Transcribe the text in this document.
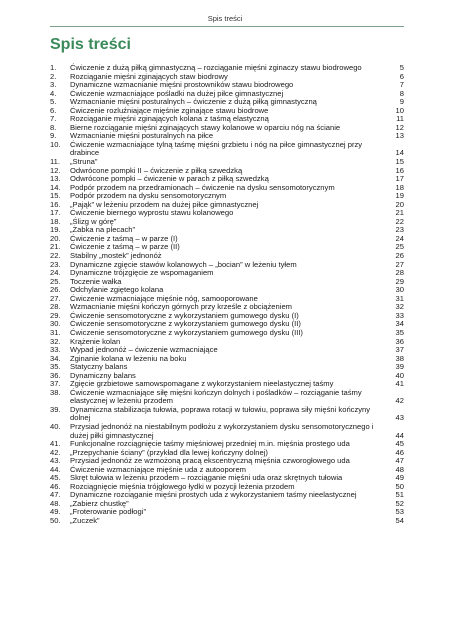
Spis treści
Spis treści
1.	Ćwiczenie z dużą piłką gimnastyczną – rozciąganie mięśni zginaczy stawu biodrowego	5
2.	Rozciąganie mięśni zginających staw biodrowy	6
3.	Dynamiczne wzmacnianie mięśni prostowników stawu biodrowego	7
4.	Ćwiczenie wzmacniające pośladki na dużej piłce gimnastycznej	8
5.	Wzmacnianie mięśni posturalnych – ćwiczenie z dużą piłką gimnastyczną	9
6.	Ćwiczenie rozluźniające mięśnie zginające stawu biodrowe	10
7.	Rozciąganie mięśni zginających kolana z taśmą elastyczną	11
8.	Bierne rozciąganie mięśni zginających stawy kolanowe w oparciu nóg na ścianie	12
9.	Wzmacnianie mięśni posturalnych na piłce	13
10.	Ćwiczenie wzmacniające tylną taśmę mięśni grzbietu i nóg na piłce gimnastycznej przy drabince	14
11.	„Struna”	15
12.	Odwrócone pompki II – ćwiczenie z piłką szwedzką	16
13.	Odwrócone pompki – ćwiczenie w parach z piłką szwedzką	17
14.	Podpór przodem na przedramionach – ćwiczenie na dysku sensomotorycznym	18
15.	Podpór przodem na dysku sensomotorycznym	19
16.	„Pająk” w leżeniu przodem na dużej piłce gimnastycznej	20
17.	Ćwiczenie biernego wyprostu stawu kolanowego	21
18.	„Ślizg w górę”	22
19.	„Żabka na plecach”	23
20.	Ćwiczenie z taśmą – w parze (I)	24
21.	Ćwiczenie z taśmą – w parze (II)	25
22.	Stabilny „mostek” jednonóż	26
23.	Dynamiczne zgięcie stawów kolanowych – „bocian” w leżeniu tyłem	27
24.	Dynamiczne trójzgięcie ze wspomaganiem	28
25.	Toczenie wałka	29
26.	Odchylanie zgiętego kolana	30
27.	Ćwiczenie wzmacniające mięśnie nóg, samooporowane	31
28.	Wzmacnianie mięśni kończyn górnych przy krześle z obciążeniem	32
29.	Ćwiczenie sensomotoryczne z wykorzystaniem gumowego dysku (I)	33
30.	Ćwiczenie sensomotoryczne z wykorzystaniem gumowego dysku (II)	34
31.	Ćwiczenie sensomotoryczne z wykorzystaniem gumowego dysku (III)	35
32.	Krążenie kolan	36
33.	Wypad jednonóż – ćwiczenie wzmacniające	37
34.	Zginanie kolana w leżeniu na boku	38
35.	Statyczny balans	39
36.	Dynamiczny balans	40
37.	Zgięcie grzbietowe samowspomagane z wykorzystaniem nieelastycznej taśmy	41
38.	Ćwiczenie wzmacniające siłę mięśni kończyn dolnych i pośladków – rozciąganie taśmy elastycznej w leżeniu przodem	42
39.	Dynamiczna stabilizacja tułowia, poprawa rotacji w tułowiu, poprawa siły mięśni kończyny dolnej	43
40.	Przysiad jednonóż na niestabilnym podłożu z wykorzystaniem dysku sensomotorycznego i dużej piłki gimnastycznej	44
41.	Funkcjonalne rozciągnięcie taśmy mięśniowej przedniej m.in. mięśnia prostego uda	45
42.	„Przepychanie ściany” (przykład dla lewej kończyny dolnej)	46
43.	Przysiad jednonóż ze wzmożoną pracą ekscentryczną mięśnia czworogłowego uda	47
44.	Ćwiczenie wzmacniające mięśnie uda z autooporem	48
45.	Skręt tułowia w leżeniu przodem – rozciąganie mięśni uda oraz skrętnych tułowia	49
46.	Rozciągnięcie mięśnia trójgłowego łydki w pozycji leżenia przodem	50
47.	Dynamiczne rozciąganie mięśni prostych uda z wykorzystaniem taśmy nieelastycznej	51
48.	„Zabierz chustkę”	52
49.	„Froterowanie podłogi”	53
50.	„Zuczek”	54
